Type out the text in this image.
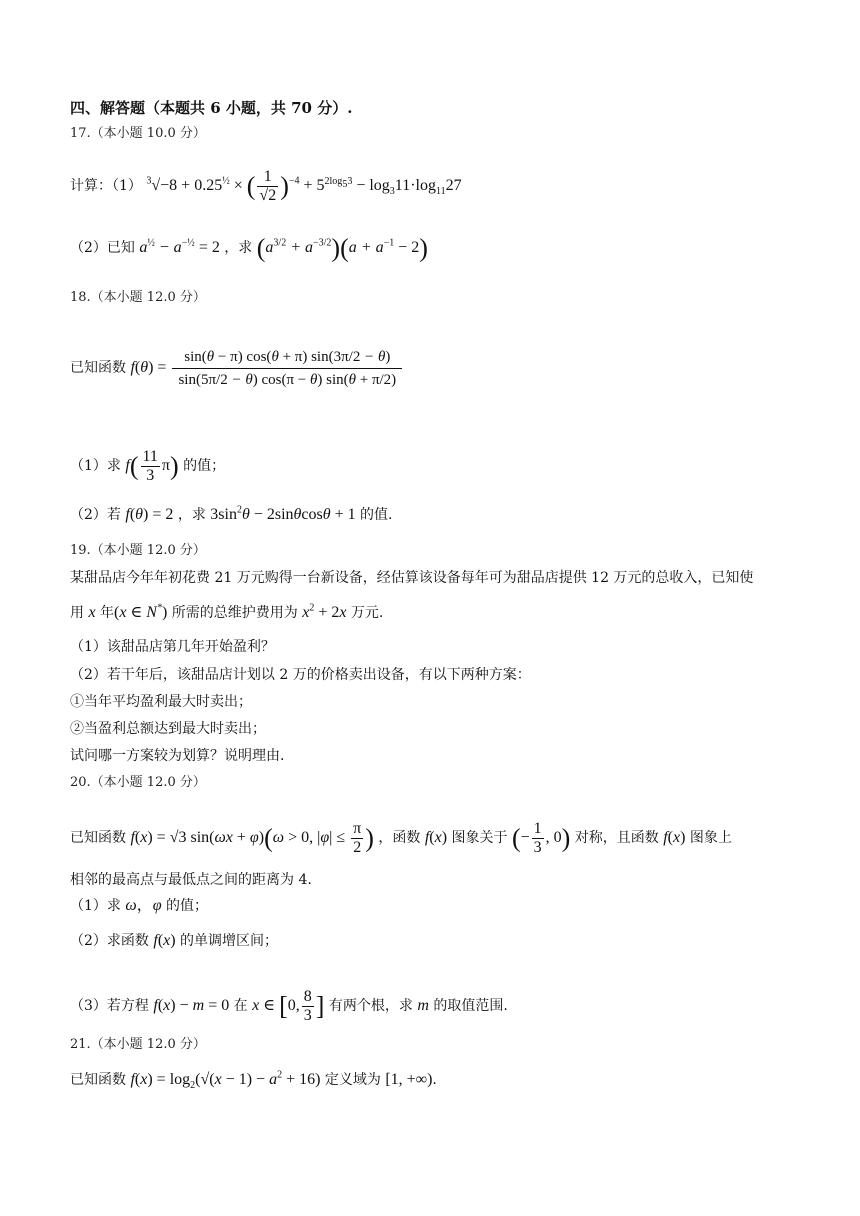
四、解答题（本题共 6 小题，共 70 分）.
17.（本小题 10.0 分）
计算：（1） $^3√-8 + 0.25^{\frac{1}{2}}$ × ( $\frac{1}{√2} )^{-4} + 5^{2log_53} - \log_311\cdot\log_{11}27$
（2）已知 $a^{\frac{1}{2}} - a^{-\frac{1}{2}} = 2$ ，求 $(a^{3/2} + a^{-3/2})(a + a^{-1} - 2)$
18.（本小题 12.0 分）
已知函数 $f(\theta) = \frac{\sin(\theta - \pi) \cos(\theta + \pi) \sin(3\pi/2 - \theta)}{\sin(5\pi/2 - \theta) \cos(\pi - \theta) \sin(\theta + \pi/2)}$
（1）求 $f( \frac{11}{3} \pi)$ 的值；
（2）若 f(θ) = 2 ，求 $3\sin^2\theta - 2\sin\theta\cos\theta + 1$ 的值.
19.（本小题 12.0 分）
某甜品店今年年初花费 21 万元购得一台新设备，经估算该设备每年可为甜品店提供 12 万元的总收入，已知使
用 x 年(x ∈ N*) 所需的总维护费用为 $x^2 + 2x$ 万元.
（1）该甜品店第几年开始盈利？
（2）若干年后，该甜品店计划以 2 万的价格卖出设备，有以下两种方案：
①当年平均盈利最大时卖出；
②当盈利总额达到最大时卖出；
试问哪一方案较为划算？说明理由.
20.（本小题 12.0 分）
已知函数 f(x) = √3 sin(ωx + φ)(ω > 0, $|\varphi| \le \frac{\pi}{2}$ ) ，函数 f(x) 图象关于 (− $\frac{1}{3}$ , 0) 对称，且函数 f(x) 图象上
相邻的最高点与最低点之间的距离为 4.
（1）求 ω，φ 的值；
（2）求函数 f(x) 的单调增区间；
（3）若方程 f(x) − m = 0 在 x ∈ [0, $\frac{8}{3}$ ] 有两个根，求 m 的取值范围.
21.（本小题 12.0 分）
已知函数 $f(x) = \log_2(√(x - 1) - a^2 + 16)$ 定义域为 [1, +∞).
